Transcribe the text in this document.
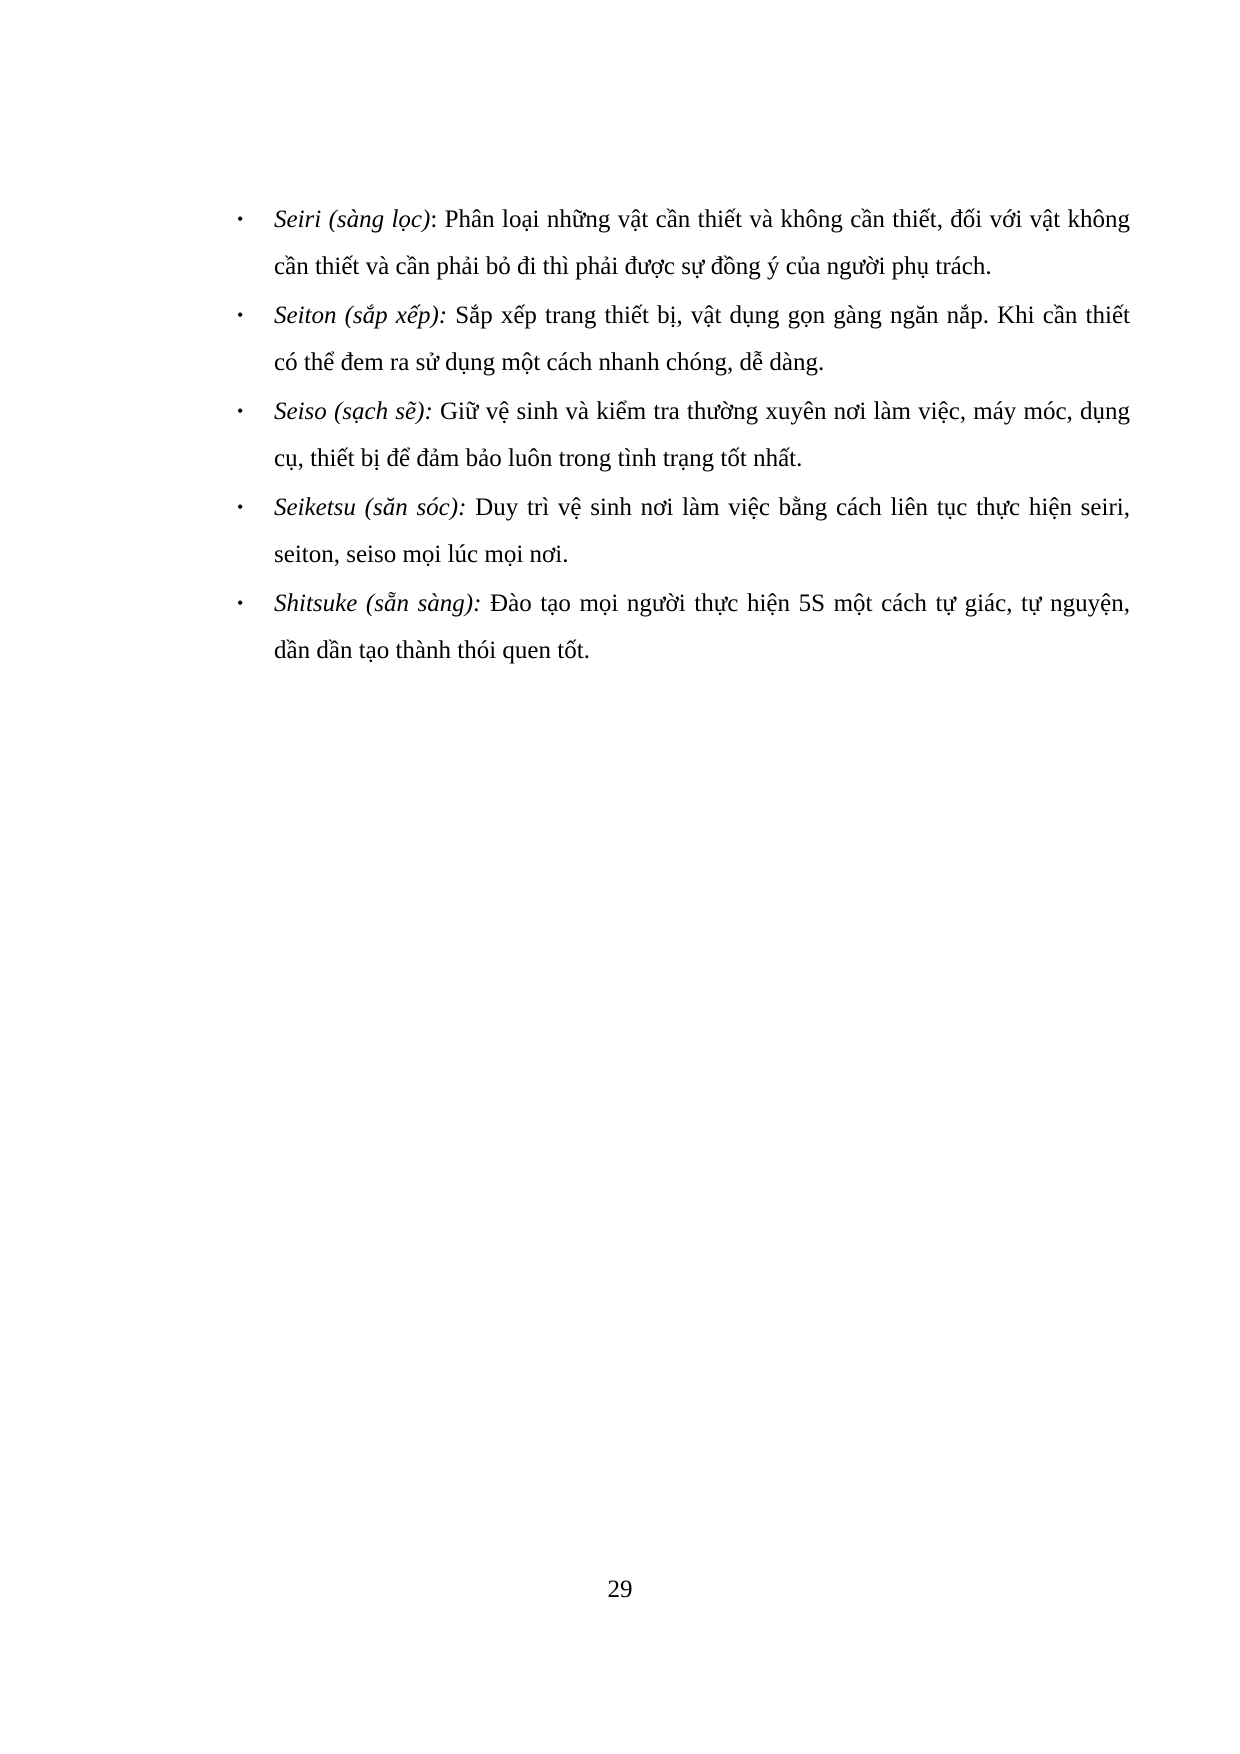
• Seiri (sàng lọc): Phân loại những vật cần thiết và không cần thiết, đối với vật không cần thiết và cần phải bỏ đi thì phải được sự đồng ý của người phụ trách.
• Seiton (sắp xếp): Sắp xếp trang thiết bị, vật dụng gọn gàng ngăn nắp. Khi cần thiết có thể đem ra sử dụng một cách nhanh chóng, dễ dàng.
• Seiso (sạch sẽ): Giữ vệ sinh và kiểm tra thường xuyên nơi làm việc, máy móc, dụng cụ, thiết bị để đảm bảo luôn trong tình trạng tốt nhất.
• Seiketsu (săn sóc): Duy trì vệ sinh nơi làm việc bằng cách liên tục thực hiện seiri, seiton, seiso mọi lúc mọi nơi.
• Shitsuke (sẵn sàng): Đào tạo mọi người thực hiện 5S một cách tự giác, tự nguyện, dần dần tạo thành thói quen tốt.
29
